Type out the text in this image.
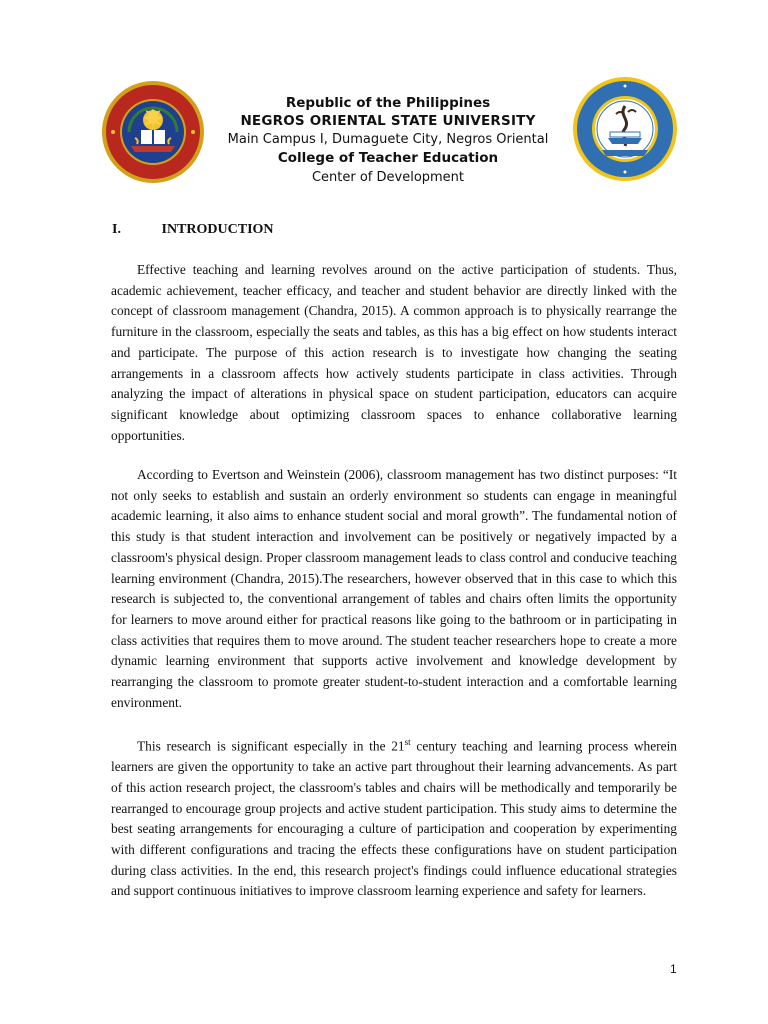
Republic of the Philippines
NEGROS ORIENTAL STATE UNIVERSITY
Main Campus I, Dumaguete City, Negros Oriental
College of Teacher Education
Center of Development
I.	INTRODUCTION

Effective teaching and learning revolves around on the active participation of students. Thus, academic achievement, teacher efficacy, and teacher and student behavior are directly linked with the concept of classroom management (Chandra, 2015). A common approach is to physically rearrange the furniture in the classroom, especially the seats and tables, as this has a big effect on how students interact and participate. The purpose of this action research is to investigate how changing the seating arrangements in a classroom affects how actively students participate in class activities. Through analyzing the impact of alterations in physical space on student participation, educators can acquire significant knowledge about optimizing classroom spaces to enhance collaborative learning opportunities.

According to Evertson and Weinstein (2006), classroom management has two distinct purposes: “It not only seeks to establish and sustain an orderly environment so students can engage in meaningful academic learning, it also aims to enhance student social and moral growth”. The fundamental notion of this study is that student interaction and involvement can be positively or negatively impacted by a classroom's physical design. Proper classroom management leads to class control and conducive teaching learning environment (Chandra, 2015).The researchers, however observed that in this case to which this research is subjected to, the conventional arrangement of tables and chairs often limits the opportunity for learners to move around either for practical reasons like going to the bathroom or in participating in class activities that requires them to move around. The student teacher researchers hope to create a more dynamic learning environment that supports active involvement and knowledge development by rearranging the classroom to promote greater student-to-student interaction and a comfortable learning environment.

This research is significant especially in the 21st century teaching and learning process wherein learners are given the opportunity to take an active part throughout their learning advancements. As part of this action research project, the classroom's tables and chairs will be methodically and temporarily be rearranged to encourage group projects and active student participation. This study aims to determine the best seating arrangements for encouraging a culture of participation and cooperation by experimenting with different configurations and tracing the effects these configurations have on student participation during class activities. In the end, this research project's findings could influence educational strategies and support continuous initiatives to improve classroom learning experience and safety for learners.

1
